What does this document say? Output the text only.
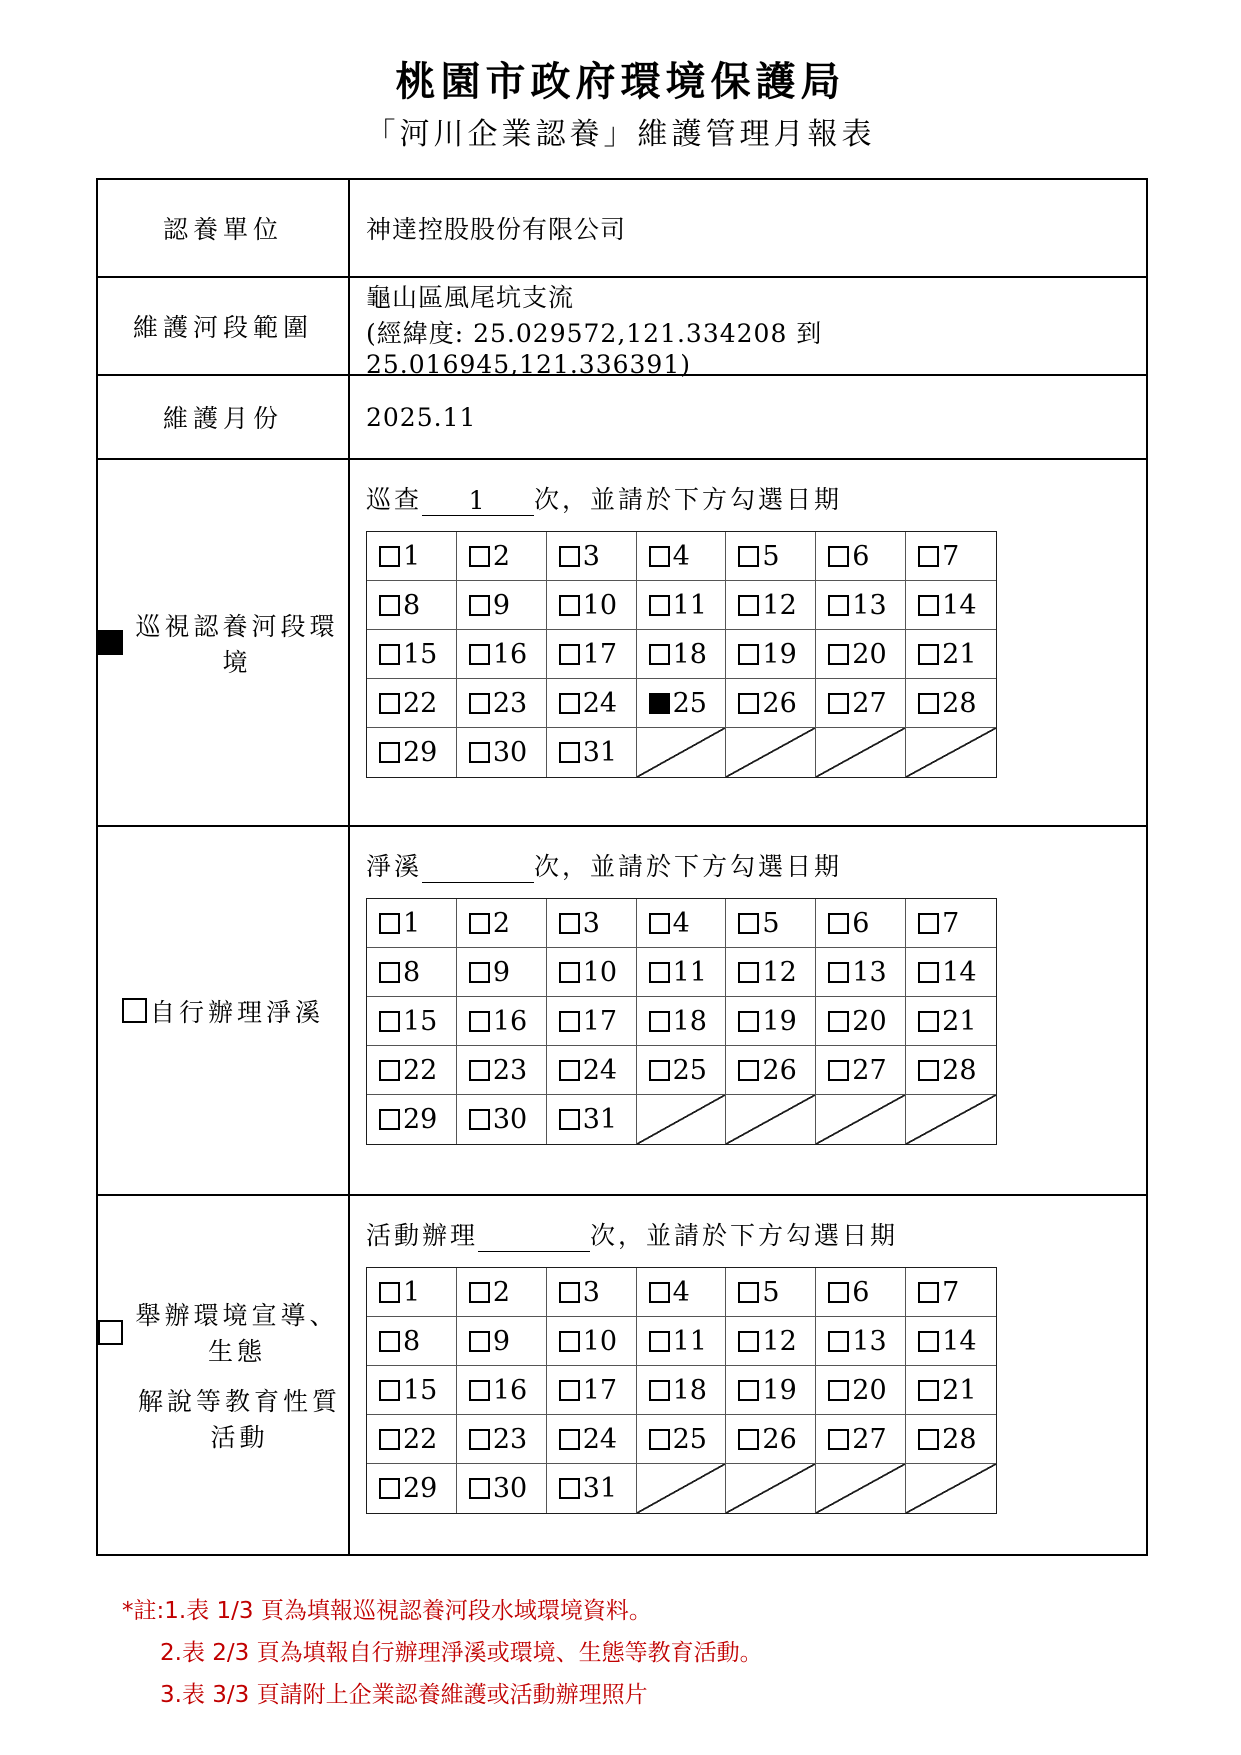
桃園市政府環境保護局
「河川企業認養」維護管理月報表
認養單位	神達控股股份有限公司
維護河段範圍
龜山區風尾坑支流
(經緯度: 25.029572,121.334208 到 25.016945,121.336391)
維護月份	2025.11
巡視認養河段環境
巡查 1 次，並請於下方勾選日期
1	2	3	4	5	6	7
8	9	10 11 12 13 14
15 16 17 18 19 20 21
22 23 24 25 26 27 28
29 30 31
自行辦理淨溪
淨溪	次，並請於下方勾選日期
1	2	3	4	5	6	7
8	9	10 11 12 13 14
15 16 17 18 19 20 21
22 23 24 25 26 27 28
29 30 31
舉辦環境宣導、生態
解說等教育性質活動
活動辦理	次，並請於下方勾選日期
1	2	3	4	5	6	7
8	9	10 11 12 13 14
15 16 17 18 19 20 21
22 23 24 25 26 27 28
29 30 31
*註:1.表 1/3 頁為填報巡視認養河段水域環境資料。
2.表 2/3 頁為填報自行辦理淨溪或環境、生態等教育活動。
3.表 3/3 頁請附上企業認養維護或活動辦理照片
